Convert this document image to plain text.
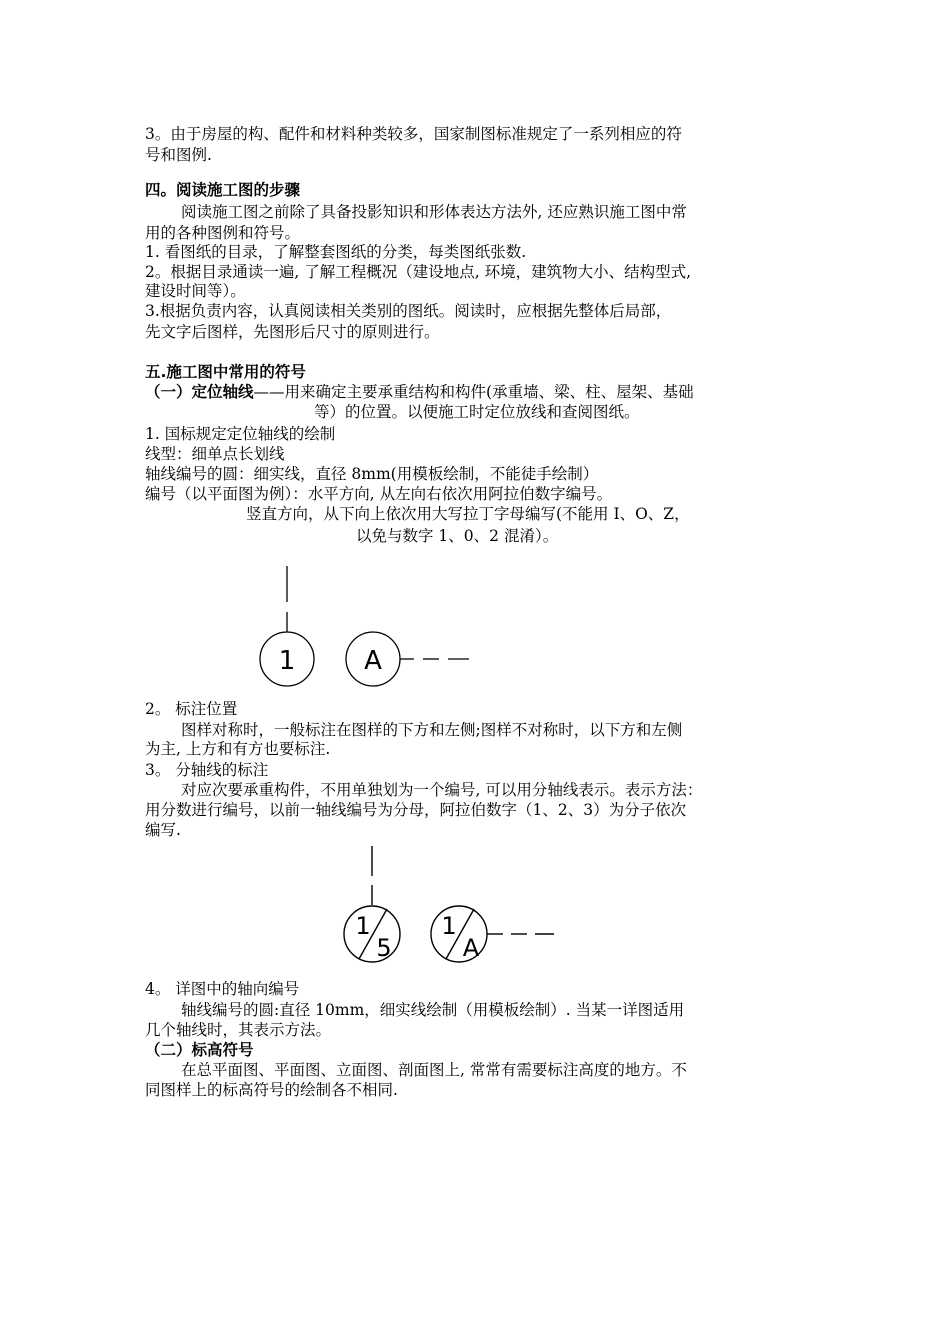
3。由于房屋的构、配件和材料种类较多，国家制图标准规定了一系列相应的符
号和图例.
四。阅读施工图的步骤
阅读施工图之前除了具备投影知识和形体表达方法外, 还应熟识施工图中常
用的各种图例和符号。
1. 看图纸的目录，了解整套图纸的分类，每类图纸张数.
2。根据目录通读一遍, 了解工程概况（建设地点, 环境，建筑物大小、结构型式,
建设时间等）。
3.根据负责内容，认真阅读相关类别的图纸。阅读时，应根据先整体后局部，
先文字后图样，先图形后尺寸的原则进行。
五.施工图中常用的符号
（一）定位轴线——用来确定主要承重结构和构件(承重墙、梁、柱、屋架、基础
等）的位置。以便施工时定位放线和查阅图纸。
1. 国标规定定位轴线的绘制
线型：细单点长划线
轴线编号的圆：细实线，直径 8mm(用模板绘制，不能徒手绘制）
编号（以平面图为例）：水平方向, 从左向右依次用阿拉伯数字编号。
竖直方向，从下向上依次用大写拉丁字母编写(不能用 I、O、Z，
以免与数字 1、0、2 混淆）。
1	A
2。 标注位置
图样对称时，一般标注在图样的下方和左侧;图样不对称时，以下方和左侧
为主, 上方和有方也要标注.
3。 分轴线的标注
对应次要承重构件，不用单独划为一个编号, 可以用分轴线表示。表示方法：
用分数进行编号，以前一轴线编号为分母，阿拉伯数字（1、2、3）为分子依次
编写.
1
5
1
A
4。 详图中的轴向编号
轴线编号的圆:直径 10mm，细实线绘制（用模板绘制）. 当某一详图适用
几个轴线时，其表示方法。
（二）标高符号
在总平面图、平面图、立面图、剖面图上, 常常有需要标注高度的地方。不
同图样上的标高符号的绘制各不相同.
